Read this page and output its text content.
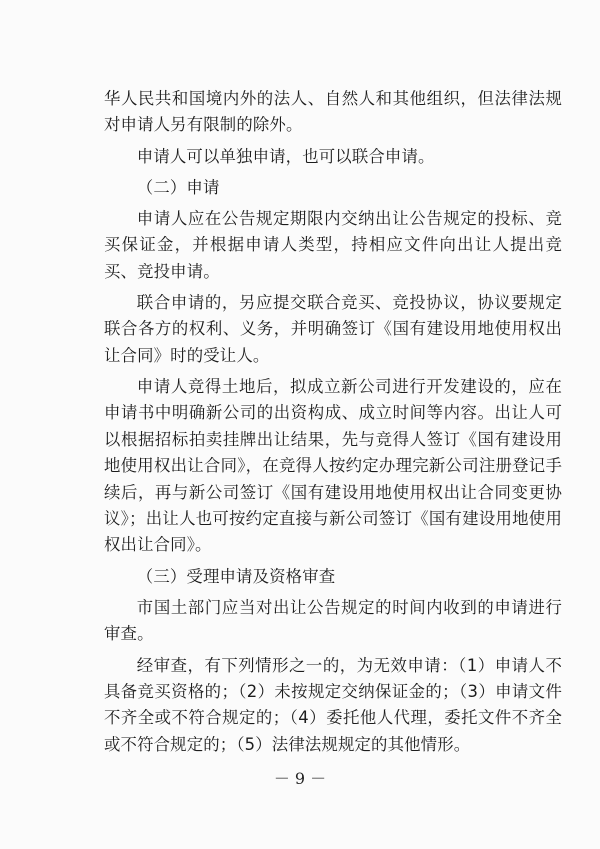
华人民共和国境内外的法人、自然人和其他组织，但法律法规对申请人另有限制的除外。

申请人可以单独申请，也可以联合申请。

（二）申请

申请人应在公告规定期限内交纳出让公告规定的投标、竞买保证金，并根据申请人类型，持相应文件向出让人提出竞买、竞投申请。

联合申请的，另应提交联合竞买、竞投协议，协议要规定联合各方的权利、义务，并明确签订《国有建设用地使用权出让合同》时的受让人。

申请人竞得土地后，拟成立新公司进行开发建设的，应在申请书中明确新公司的出资构成、成立时间等内容。出让人可以根据招标拍卖挂牌出让结果，先与竞得人签订《国有建设用地使用权出让合同》，在竞得人按约定办理完新公司注册登记手续后，再与新公司签订《国有建设用地使用权出让合同变更协议》；出让人也可按约定直接与新公司签订《国有建设用地使用权出让合同》。

（三）受理申请及资格审查

市国土部门应当对出让公告规定的时间内收到的申请进行审查。

经审查，有下列情形之一的，为无效申请：（1）申请人不具备竞买资格的；（2）未按规定交纳保证金的；（3）申请文件不齐全或不符合规定的；（4）委托他人代理，委托文件不齐全或不符合规定的；（5）法律法规规定的其他情形。

－ 9 －
